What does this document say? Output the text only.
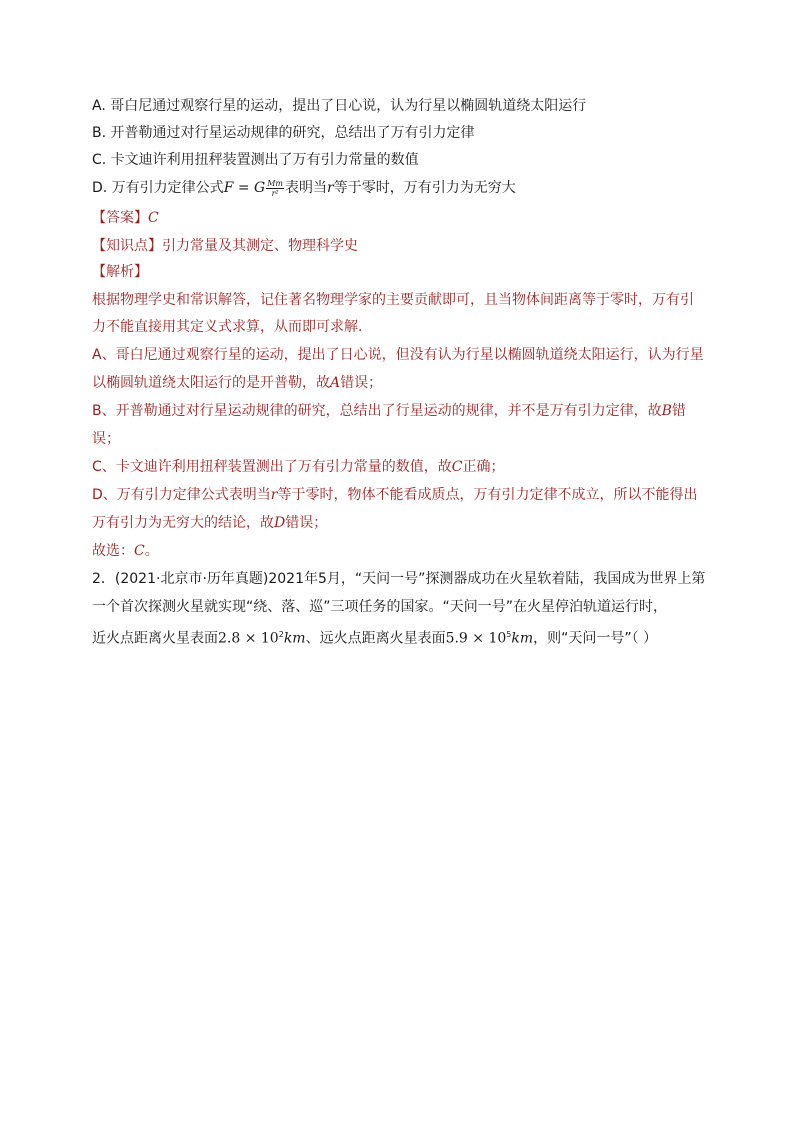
A. 哥白尼通过观察行星的运动，提出了日心说，认为行星以椭圆轨道绕太阳运行
B. 开普勒通过对行星运动规律的研究，总结出了万有引力定律
C. 卡文迪许利用扭秤装置测出了万有引力常量的数值
D. 万有引力定律公式F = G $\frac{Mm}{\text{r²}}$ 表明当r等于零时，万有引力为无穷大
【答案】C
【知识点】引力常量及其测定、物理科学史
【解析】
根据物理学史和常识解答，记住著名物理学家的主要贡献即可，且当物体间距离等于零时，万有引
力不能直接用其定义式求算，从而即可求解．
A、哥白尼通过观察行星的运动，提出了日心说，但没有认为行星以椭圆轨道绕太阳运行，认为行星
以椭圆轨道绕太阳运行的是开普勒，故A错误；
B、开普勒通过对行星运动规律的研究，总结出了行星运动的规律，并不是万有引力定律，故B错
误；
C、卡文迪许利用扭秤装置测出了万有引力常量的数值，故C正确；
D、万有引力定律公式表明当r等于零时，物体不能看成质点，万有引力定律不成立，所以不能得出
万有引力为无穷大的结论，故D错误；
故选：C。
2．(2021·北京市·历年真题)2021年5月，“天问一号”探测器成功在火星软着陆，我国成为世界上第
一个首次探测火星就实现“绕、落、巡”三项任务的国家。“天问一号”在火星停泊轨道运行时，
近火点距离火星表面$2.8 \times 10^2km$、远火点距离火星表面$5.9 \times 10^5km$，则“天问一号”（ ）
